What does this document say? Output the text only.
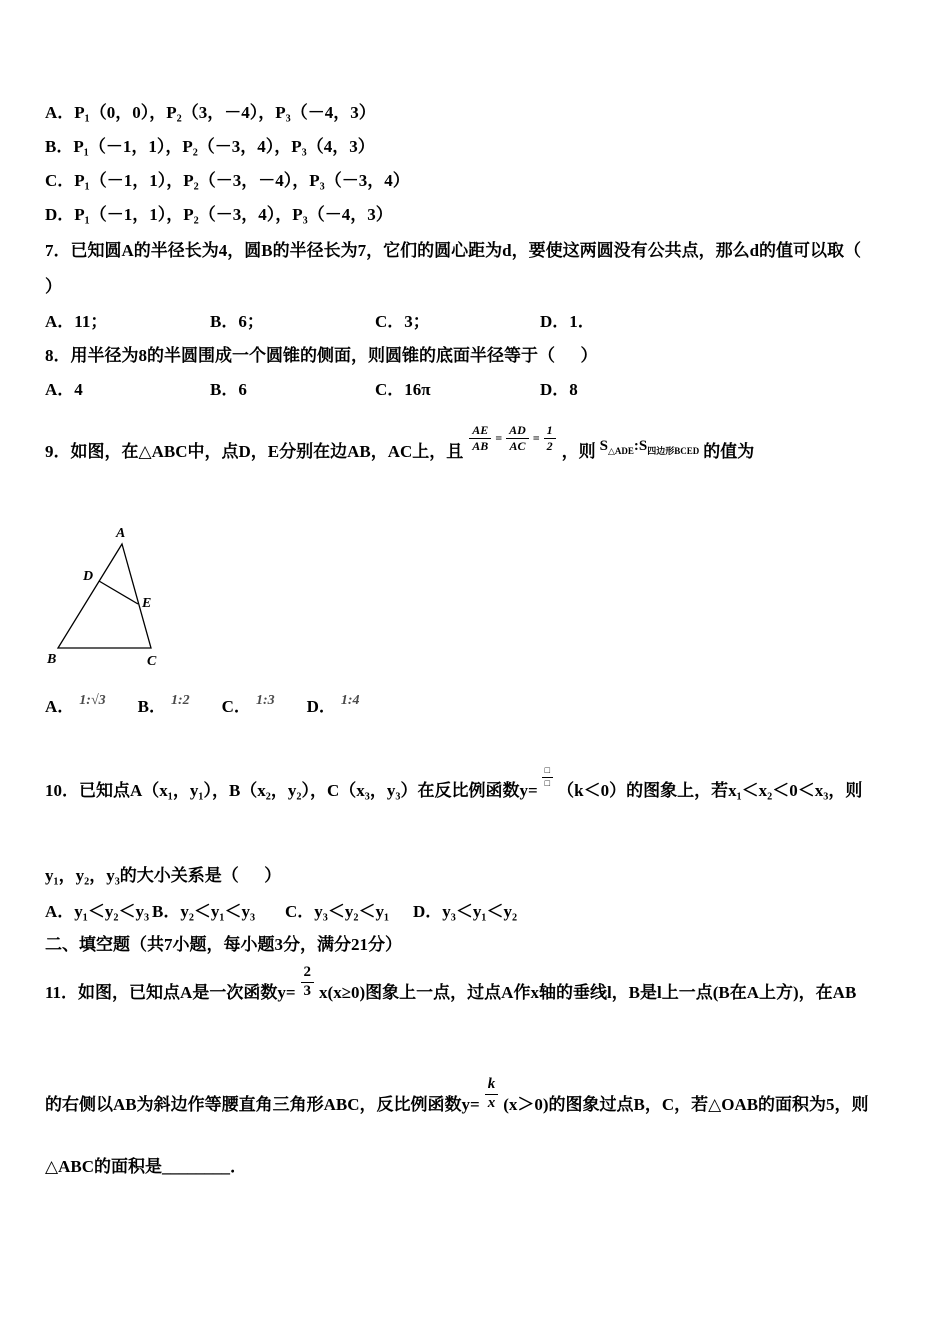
A．P₁（0，0），P₂（3，－4），P₃（－4，3）
B．P₁（－1，1），P₂（－3，4），P₃（4，3）
C．P₁（－1，1），P₂（－3，－4），P₃（－3，4）
D．P₁（－1，1），P₂（－3，4），P₃（－4，3）
7．已知圆A的半径长为4，圆B的半径长为7，它们的圆心距为d，要使这两圆没有公共点，那么d的值可以取（
）

A．11；

	B．6；

	C．3；

	D．1．

8．用半径为8的半圆围成一个圆锥的侧面，则圆锥的底面半径等于（      ）

A．4

	B．6

	C．16π

	D．8

9．如图，在△ABC中，点D，E分别在边AB，AC上，且 $\frac{AE}{AB} = \frac{AD}{AC} = \frac{1}{2}$ ，则 $S_{\triangle ADE}$ : $S_{四边形BCED}$ 的值为
A
B	C
D
E
A． 1:√3 B． 1:2 C． 1:3 D． 1:4
10．已知点A（x₁，y₁），B（x₂，y₂），C（x₃，y₃）在反比例函数y=
$\frac{□}{□}$
（k＜0）的图象上，若x₁＜x₂＜0＜x₃，则
y₁，y₂，y₃的大小关系是（      ）

A．y₁＜y₂＜y₃

B．y₂＜y₁＜y₃

C．y₃＜y₂＜y₁

D．y₃＜y₁＜y₂

二、填空题（共7小题，每小题3分，满分21分）
11．如图，已知点A是一次函数$y= \frac{2}{3} x(x\ge 0)$图象上一点，过点A作x轴的垂线l，B是l上一点(B在A上方)，在AB
的右侧以AB为斜边作等腰直角三角形ABC，反比例函数$y= \frac{k}{x} (x>0)$的图象过点B，C，若△OAB的面积为5，则
△ABC的面积是________．
